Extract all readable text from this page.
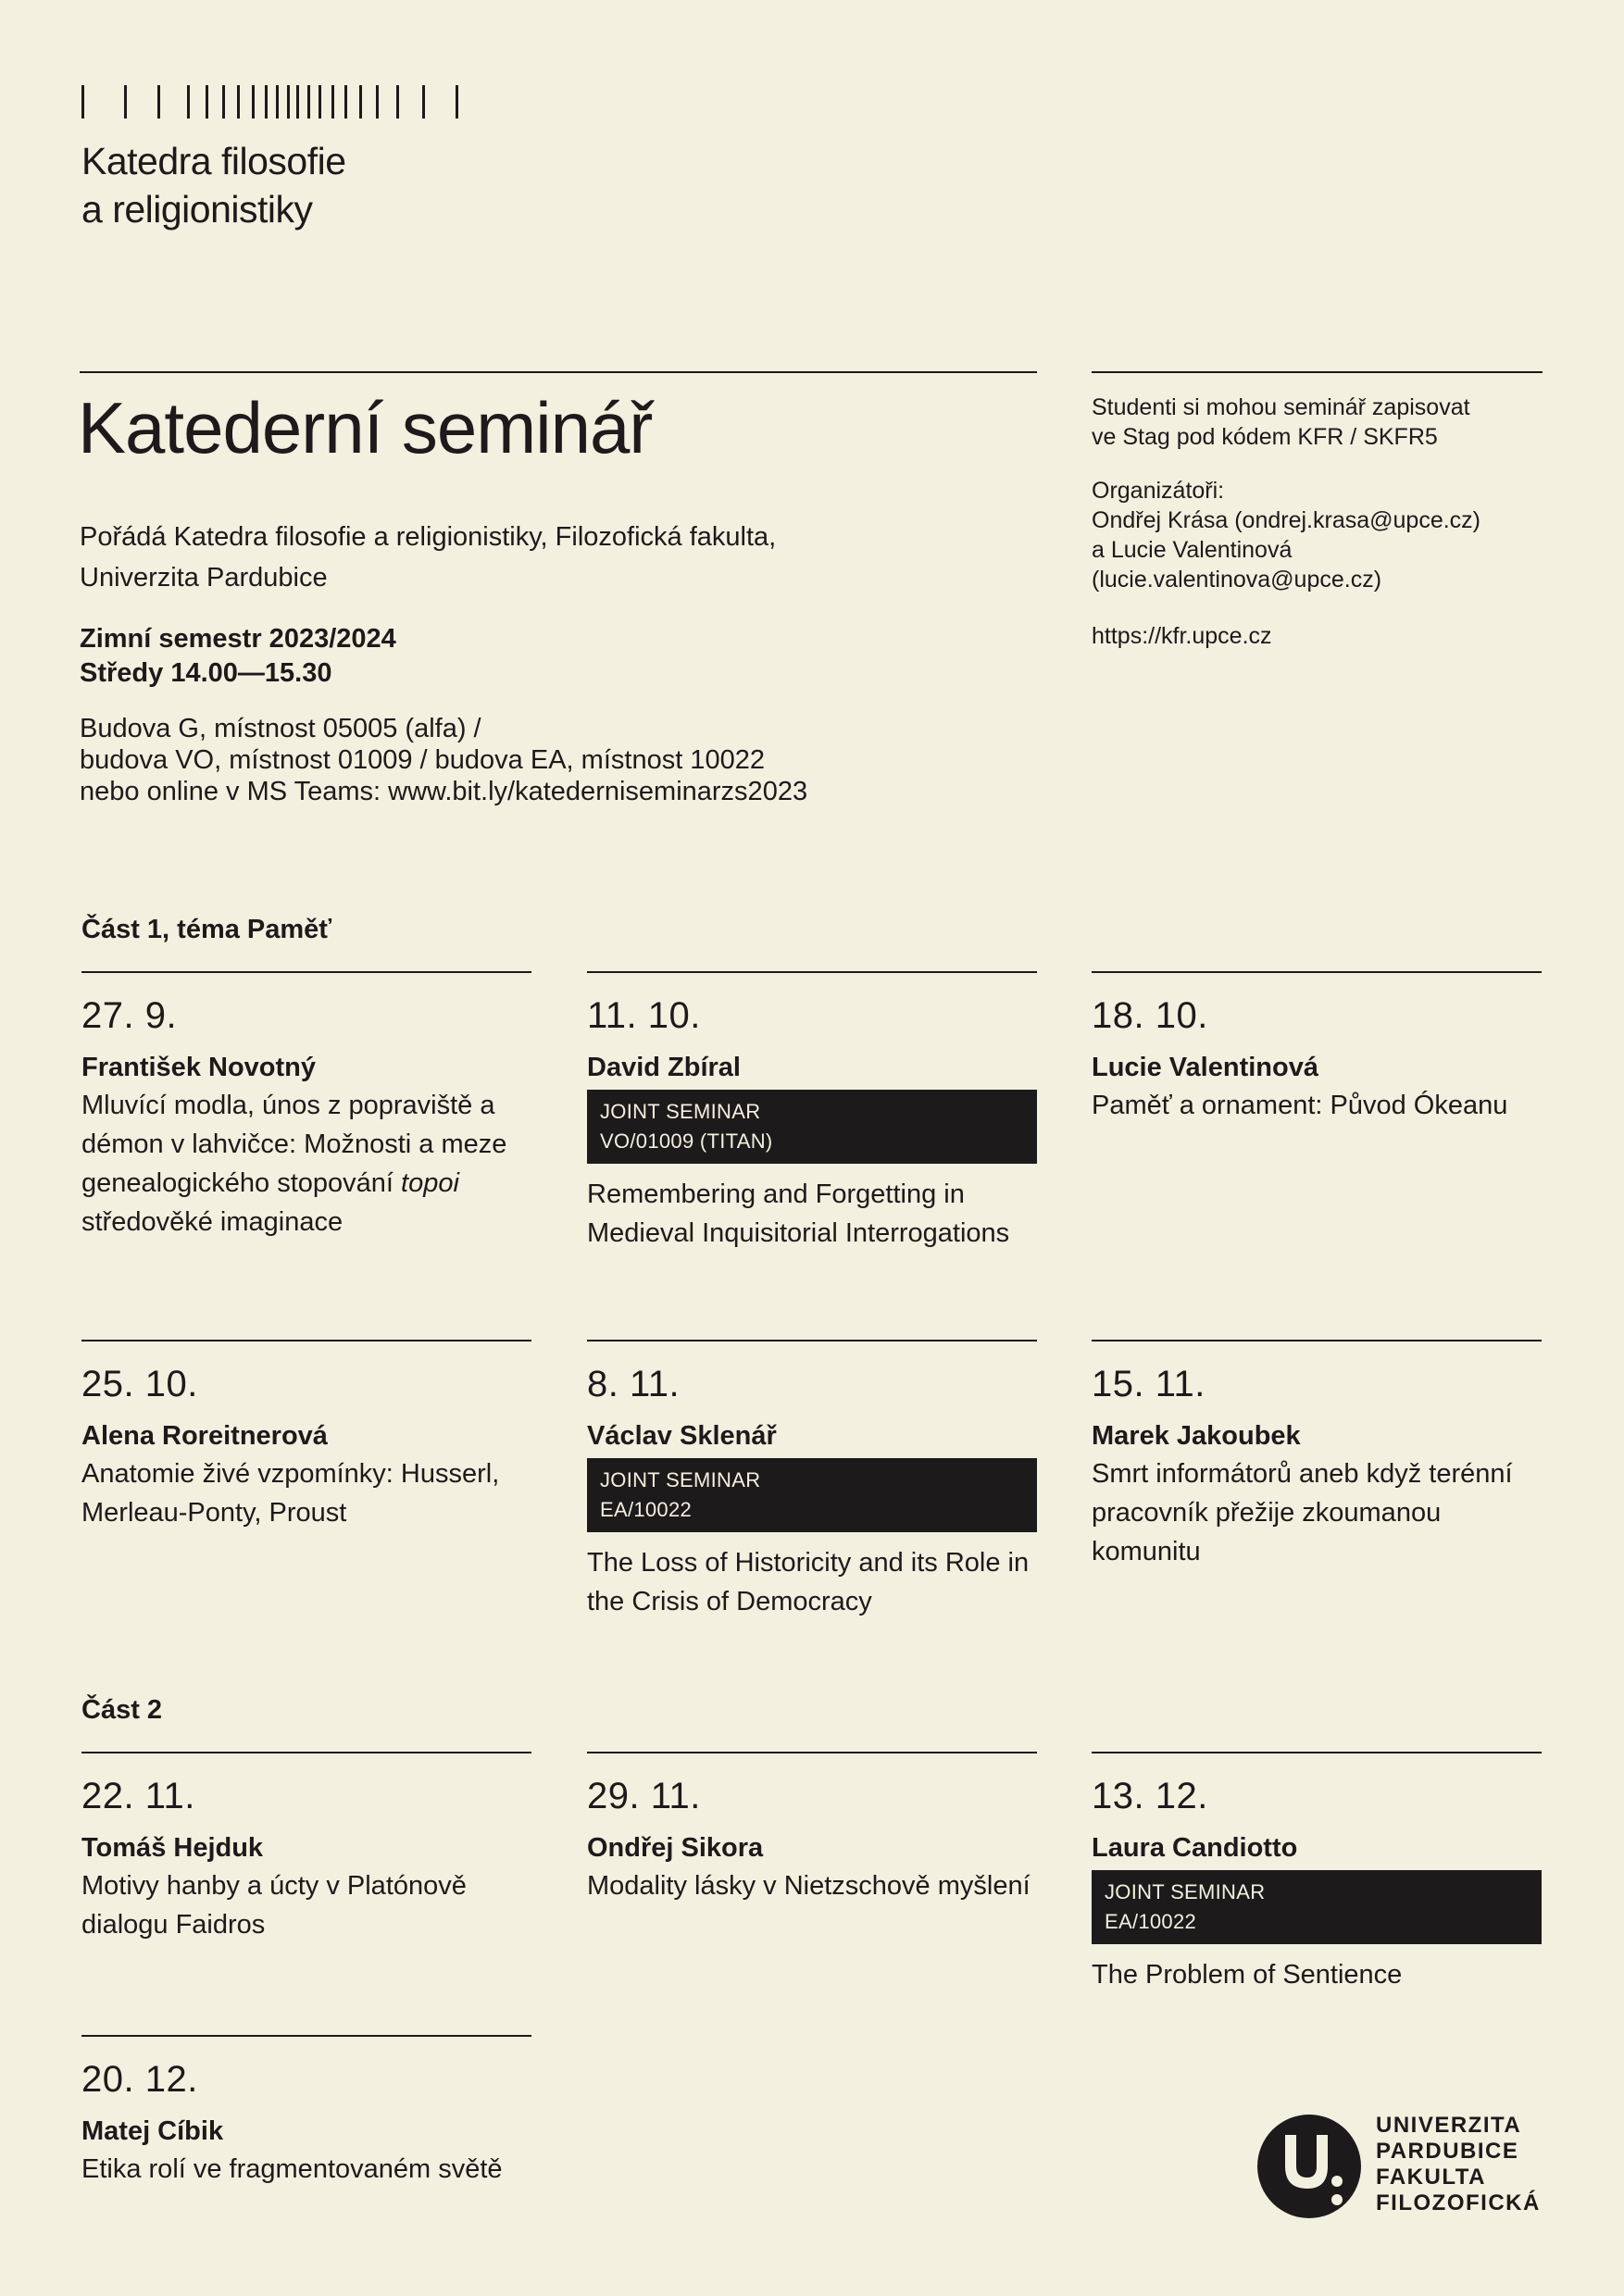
Katedra filosofie
a religionistiky
Katederní seminář
Pořádá Katedra filosofie a religionistiky, Filozofická fakulta,
Univerzita Pardubice
Zimní semestr 2023/2024
Středy 14.00—15.30
Budova G, místnost 05005 (alfa) /
budova VO, místnost 01009 / budova EA, místnost 10022
nebo online v MS Teams: www.bit.ly/katederniseminarzs2023
Studenti si mohou seminář zapisovat
ve Stag pod kódem KFR / SKFR5
Organizátoři:
Ondřej Krása (ondrej.krasa@upce.cz)
a Lucie Valentinová
(lucie.valentinova@upce.cz)
https://kfr.upce.cz
Část 1, téma Paměť
27. 9.
František Novotný
Mluvící modla, únos z popraviště a démon v lahvičce: Možnosti a meze genealogického stopování topoi středověké imaginace
11. 10.
David Zbíral
JOINT SEMINAR
VO/01009 (TITAN)
Remembering and Forgetting in Medieval Inquisitorial Interrogations
18. 10.
Lucie Valentinová
Paměť a ornament: Původ Ókeanu
25. 10.
Alena Roreitnerová
Anatomie živé vzpomínky: Husserl, Merleau-Ponty, Proust
8. 11.
Václav Sklenář
JOINT SEMINAR
EA/10022
The Loss of Historicity and its Role in the Crisis of Democracy
15. 11.
Marek Jakoubek
Smrt informátorů aneb když terénní pracovník přežije zkoumanou komunitu
Část 2
22. 11.
Tomáš Hejduk
Motivy hanby a úcty v Platónově dialogu Faidros
29. 11.
Ondřej Sikora
Modality lásky v Nietzschově myšlení
13. 12.
Laura Candiotto
JOINT SEMINAR
EA/10022
The Problem of Sentience
20. 12.
Matej Cíbik
Etika rolí ve fragmentovaném světě
UNIVERZITA
PARDUBICE
FAKULTA
FILOZOFICKÁ
